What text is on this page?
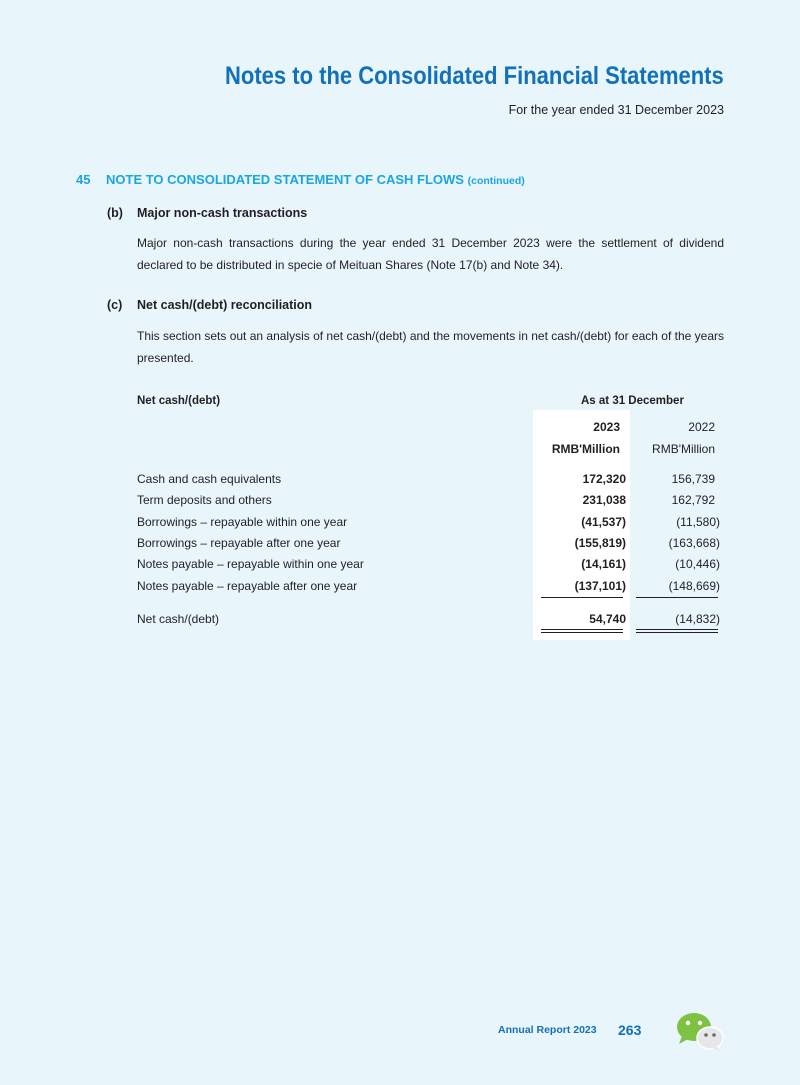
Notes to the Consolidated Financial Statements
For the year ended 31 December 2023
45 NOTE TO CONSOLIDATED STATEMENT OF CASH FLOWS (continued)
(b) Major non-cash transactions
Major non-cash transactions during the year ended 31 December 2023 were the settlement of dividend declared to be distributed in specie of Meituan Shares (Note 17(b) and Note 34).
(c) Net cash/(debt) reconciliation
This section sets out an analysis of net cash/(debt) and the movements in net cash/(debt) for each of the years presented.
Net cash/(debt)	As at 31 December
2023	2022
RMB'Million	RMB'Million
Cash and cash equivalents	172,320	156,739
Term deposits and others	231,038	162,792
Borrowings – repayable within one year	(41,537)	(11,580)
Borrowings – repayable after one year	(155,819)	(163,668)
Notes payable – repayable within one year	(14,161)	(10,446)
Notes payable – repayable after one year	(137,101)	(148,669)
Net cash/(debt)	54,740	(14,832)
Annual Report 2023 263
